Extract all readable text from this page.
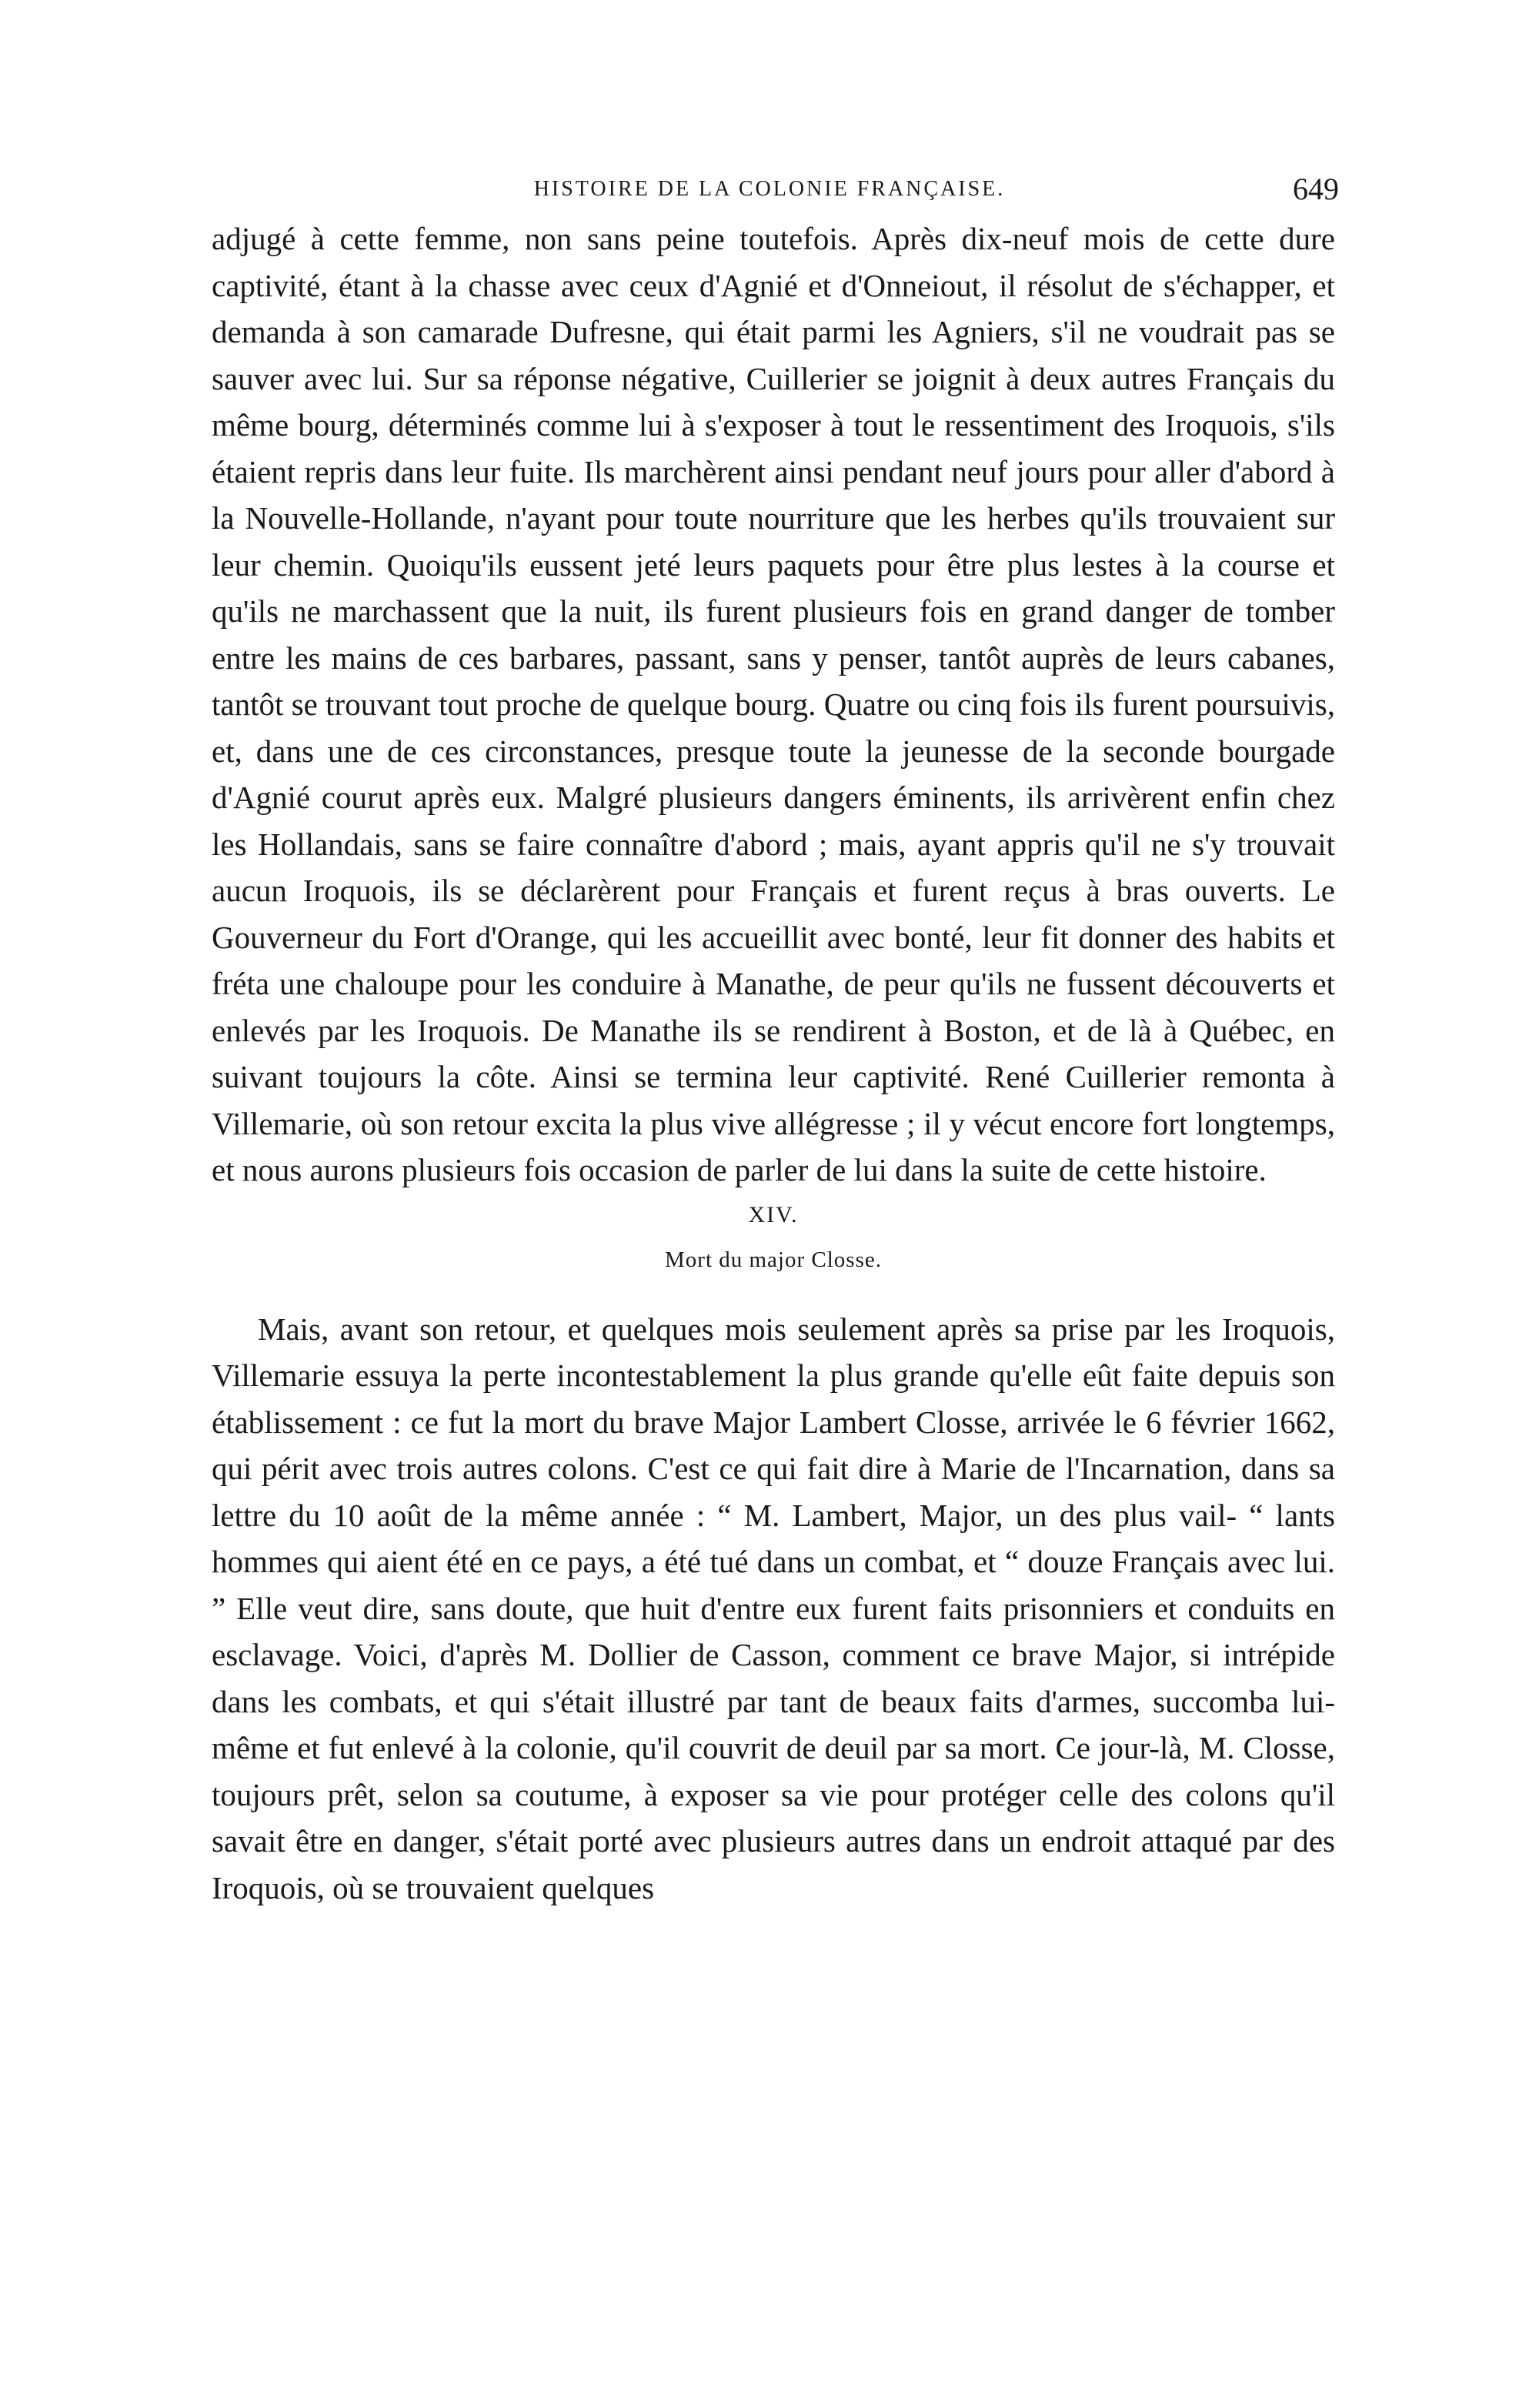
HISTOIRE DE LA COLONIE FRANÇAISE.	649

adjugé à cette femme, non sans peine toutefois. Après dix-neuf mois de cette dure captivité, étant à la chasse avec ceux d'Agnié et d'Onneiout, il résolut de s'échapper, et demanda à son camarade Dufresne, qui était parmi les Agniers, s'il ne voudrait pas se sauver avec lui. Sur sa réponse négative, Cuillerier se joignit à deux autres Français du même bourg, déterminés comme lui à s'exposer à tout le ressentiment des Iroquois, s'ils étaient repris dans leur fuite. Ils marchèrent ainsi pendant neuf jours pour aller d'abord à la Nouvelle-Hollande, n'ayant pour toute nourriture que les herbes qu'ils trouvaient sur leur chemin. Quoiqu'ils eussent jeté leurs paquets pour être plus lestes à la course et qu'ils ne marchassent que la nuit, ils furent plusieurs fois en grand danger de tomber entre les mains de ces barbares, passant, sans y penser, tantôt auprès de leurs cabanes, tantôt se trouvant tout proche de quelque bourg. Quatre ou cinq fois ils furent poursuivis, et, dans une de ces circonstances, presque toute la jeunesse de la seconde bourgade d'Agnié courut après eux. Malgré plusieurs dangers éminents, ils arrivèrent enfin chez les Hollandais, sans se faire connaître d'abord ; mais, ayant appris qu'il ne s'y trouvait aucun Iroquois, ils se déclarèrent pour Français et furent reçus à bras ouverts. Le Gouverneur du Fort d'Orange, qui les accueillit avec bonté, leur fit donner des habits et fréta une chaloupe pour les conduire à Manathe, de peur qu'ils ne fussent découverts et enlevés par les Iroquois. De Manathe ils se rendirent à Boston, et de là à Québec, en suivant toujours la côte. Ainsi se termina leur captivité. René Cuillerier remonta à Villemarie, où son retour excita la plus vive allégresse ; il y vécut encore fort longtemps, et nous aurons plusieurs fois occasion de parler de lui dans la suite de cette histoire.

XIV.
Mort du major Closse.

Mais, avant son retour, et quelques mois seulement après sa prise par les Iroquois, Villemarie essuya la perte incontestablement la plus grande qu'elle eût faite depuis son établissement : ce fut la mort du brave Major Lambert Closse, arrivée le 6 février 1662, qui périt avec trois autres colons. C'est ce qui fait dire à Marie de l'Incarnation, dans sa lettre du 10 août de la même année : “ M. Lambert, Major, un des plus vail- “ lants hommes qui aient été en ce pays, a été tué dans un combat, et “ douze Français avec lui. ” Elle veut dire, sans doute, que huit d'entre eux furent faits prisonniers et conduits en esclavage. Voici, d'après M. Dollier de Casson, comment ce brave Major, si intrépide dans les combats, et qui s'était illustré par tant de beaux faits d'armes, succomba lui-même et fut enlevé à la colonie, qu'il couvrit de deuil par sa mort. Ce jour-là, M. Closse, toujours prêt, selon sa coutume, à exposer sa vie pour protéger celle des colons qu'il savait être en danger, s'était porté avec plusieurs autres dans un endroit attaqué par des Iroquois, où se trouvaient quelques
